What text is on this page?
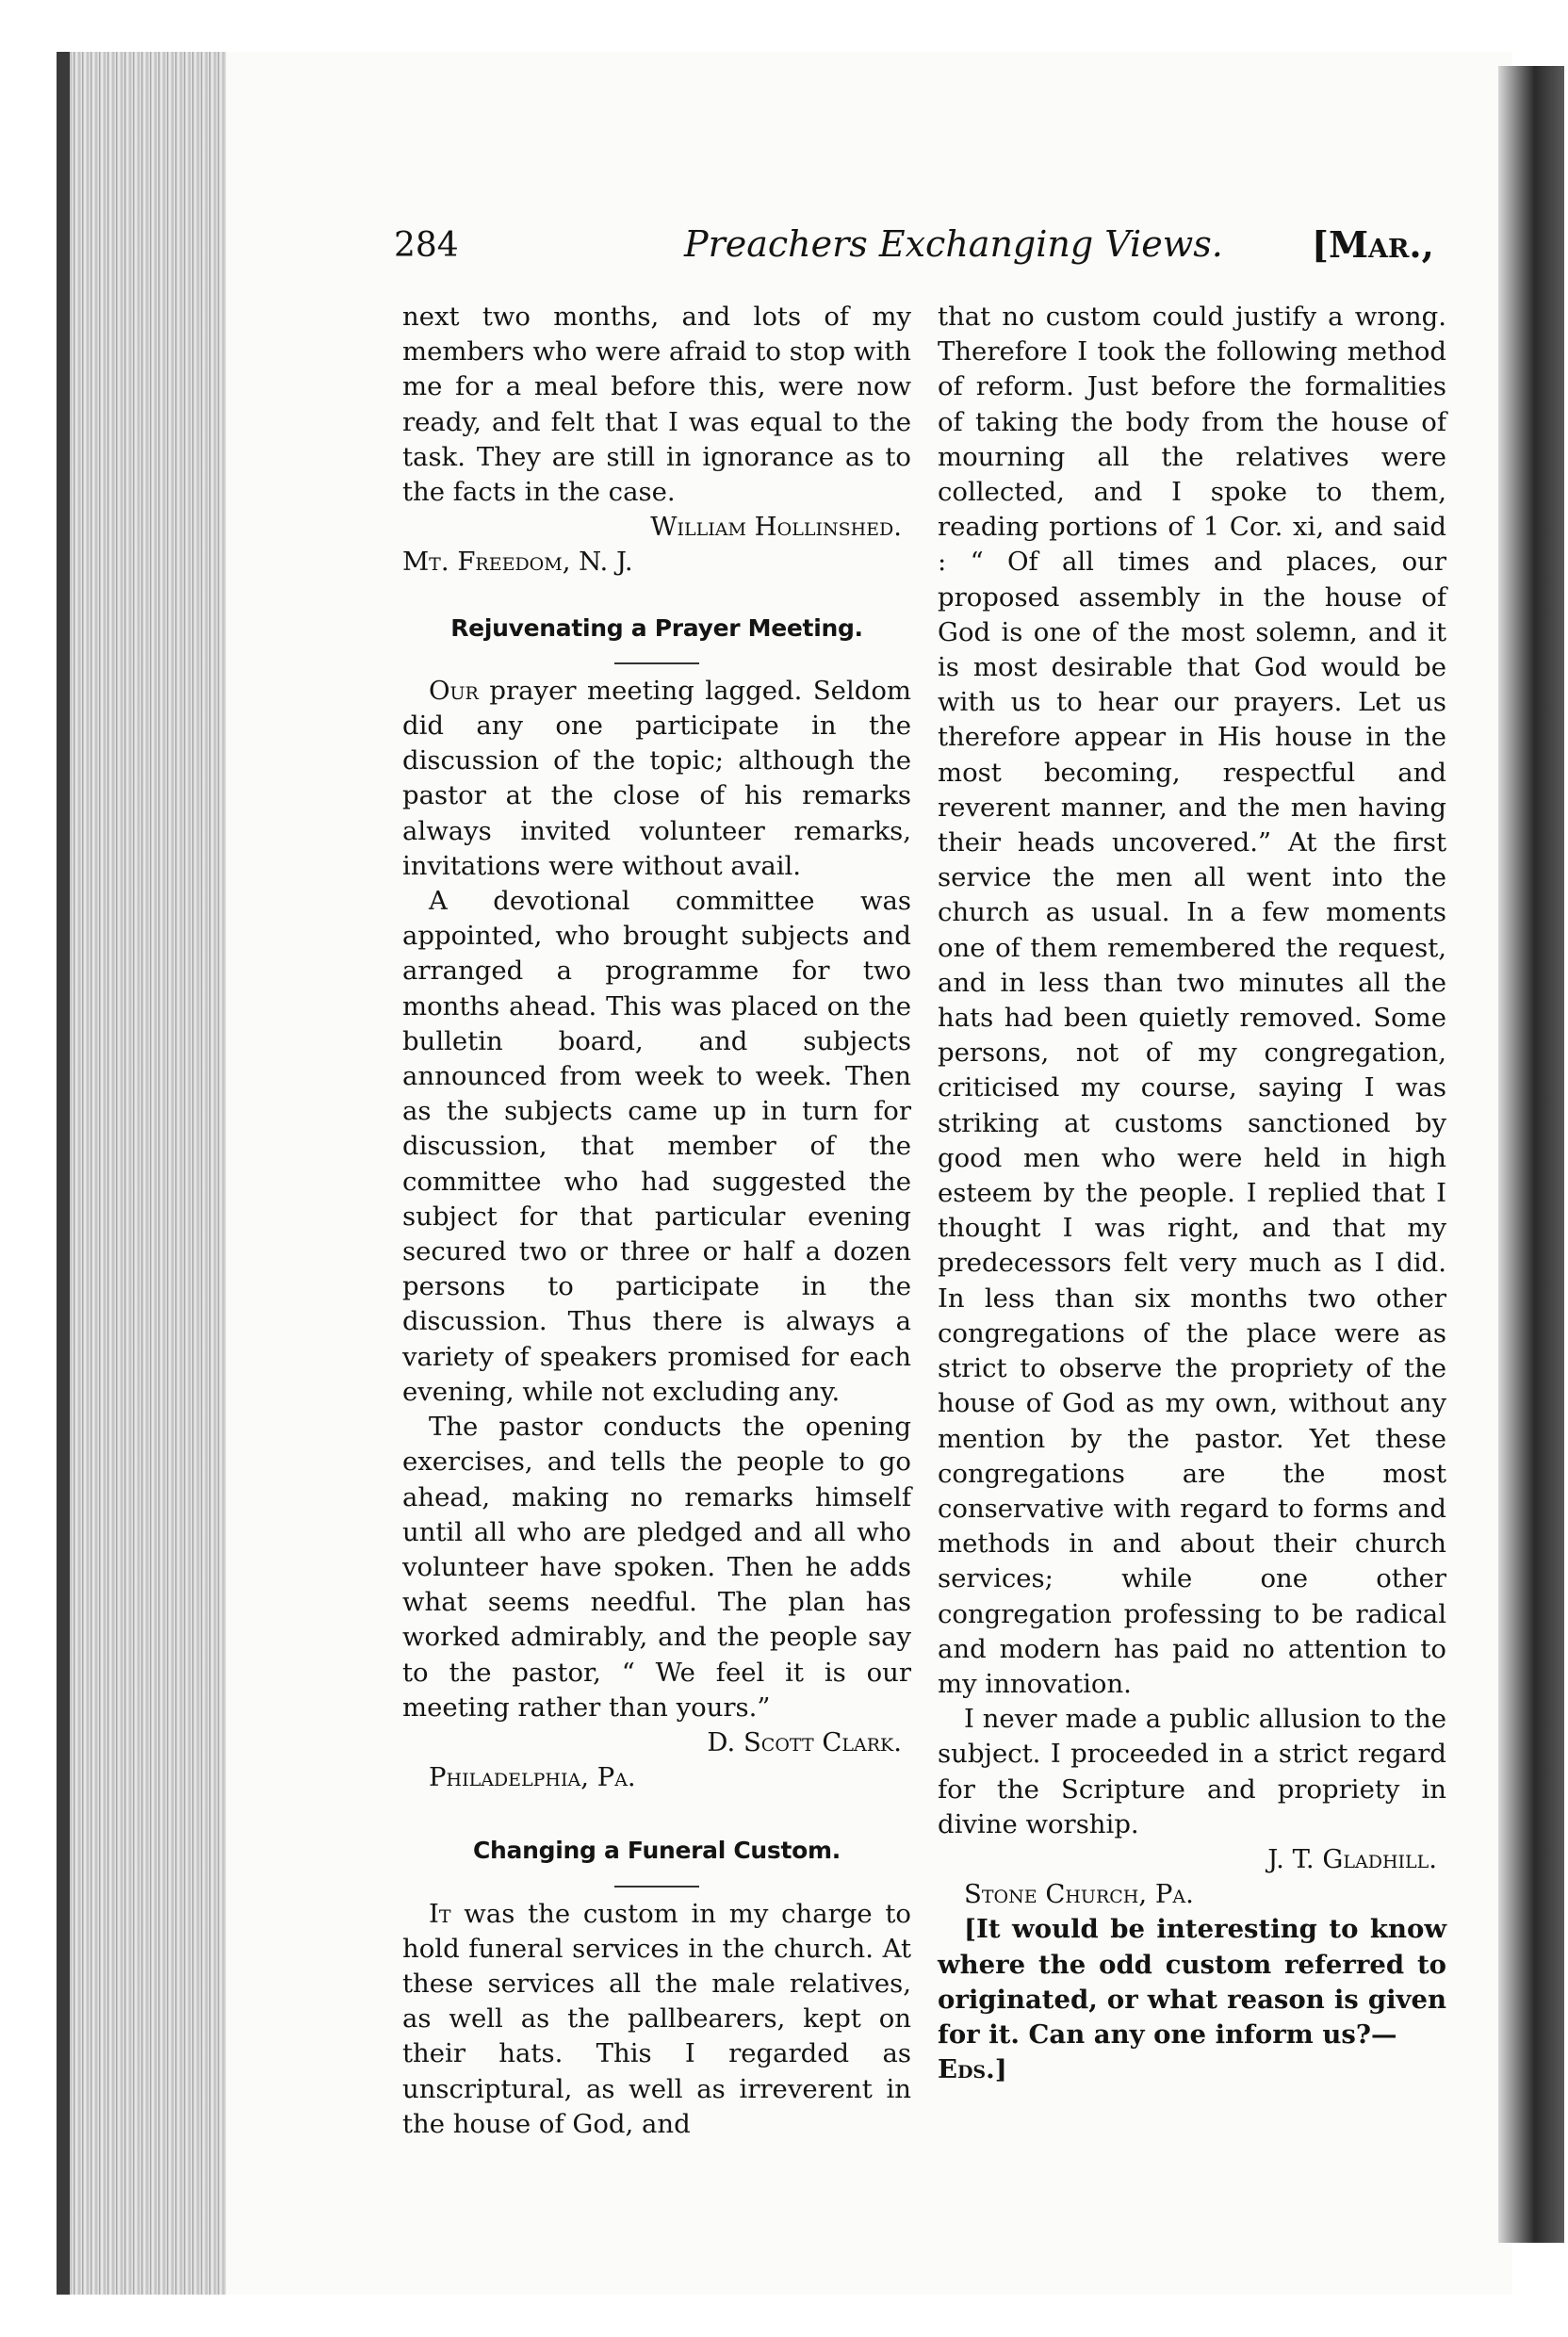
284	Preachers Exchanging Views. [Mar.,

next two months, and lots of my members who were afraid to stop with me for a meal before this, were now ready, and felt that I was equal to the task. They are still in ignorance as to the facts in the case.

William Hollinshed.

Mt. Freedom, N. J.

Rejuvenating a Prayer Meeting.

Our prayer meeting lagged. Seldom did any one participate in the discussion of the topic; although the pastor at the close of his remarks always invited volunteer remarks, invitations were without avail.

A devotional committee was appointed, who brought subjects and arranged a programme for two months ahead. This was placed on the bulletin board, and subjects announced from week to week. Then as the subjects came up in turn for discussion, that member of the committee who had suggested the subject for that particular evening secured two or three or half a dozen persons to participate in the discussion. Thus there is always a variety of speakers promised for each evening, while not excluding any.

The pastor conducts the opening exercises, and tells the people to go ahead, making no remarks himself until all who are pledged and all who volunteer have spoken. Then he adds what seems needful. The plan has worked admirably, and the people say to the pastor, “ We feel it is our meeting rather than yours.”

D. Scott Clark.

Philadelphia, Pa.

Changing a Funeral Custom.

It was the custom in my charge to hold funeral services in the church. At these services all the male relatives, as well as the pallbearers, kept on their hats. This I regarded as unscriptural, as well as irreverent in the house of God, and

that no custom could justify a wrong. Therefore I took the following method of reform. Just before the formalities of taking the body from the house of mourning all the relatives were collected, and I spoke to them, reading portions of 1 Cor. xi, and said : “ Of all times and places, our proposed assembly in the house of God is one of the most solemn, and it is most desirable that God would be with us to hear our prayers. Let us therefore appear in His house in the most becoming, respectful and reverent manner, and the men having their heads uncovered.” At the first service the men all went into the church as usual. In a few moments one of them remembered the request, and in less than two minutes all the hats had been quietly removed. Some persons, not of my congregation, criticised my course, saying I was striking at customs sanctioned by good men who were held in high esteem by the people. I replied that I thought I was right, and that my predecessors felt very much as I did. In less than six months two other congregations of the place were as strict to observe the propriety of the house of God as my own, without any mention by the pastor. Yet these congregations are the most conservative with regard to forms and methods in and about their church services; while one other congregation professing to be radical and modern has paid no attention to my innovation.

I never made a public allusion to the subject. I proceeded in a strict regard for the Scripture and propriety in divine worship.

J. T. Gladhill.

Stone Church, Pa.

[It would be interesting to know where the odd custom referred to originated, or what reason is given for it. Can any one inform us?—
Eds.]
